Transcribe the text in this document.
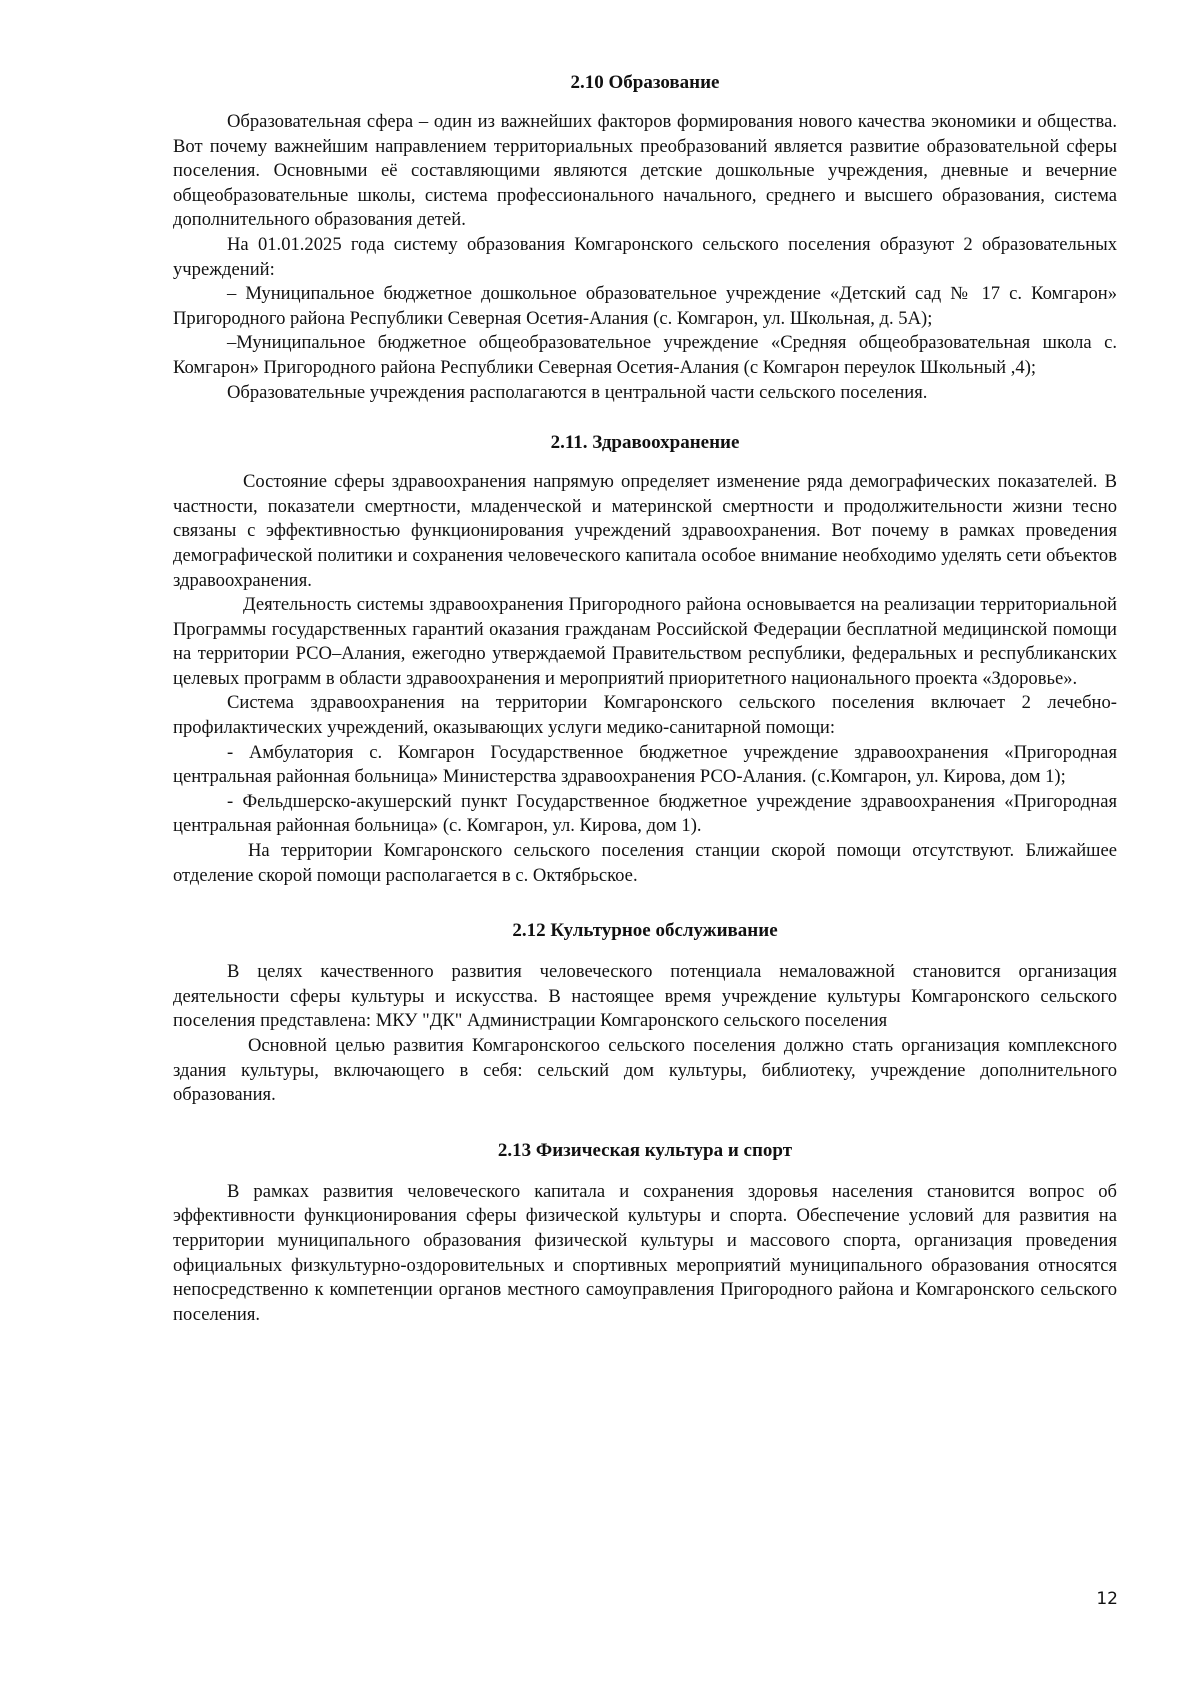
2.10 Образование

Образовательная сфера – один из важнейших факторов формирования нового качества экономики и общества. Вот почему важнейшим направлением территориальных преобразований является развитие образовательной сферы поселения. Основными её составляющими являются детские дошкольные учреждения, дневные и вечерние общеобразовательные школы, система профессионального начального, среднего и высшего образования, система дополнительного образования детей.

На 01.01.2025 года систему образования Комгаронского сельского поселения образуют 2 образовательных учреждений:

– Муниципальное бюджетное дошкольное образовательное учреждение «Детский сад № 17 с. Комгарон» Пригородного района Республики Северная Осетия-Алания (с. Комгарон, ул. Школьная, д. 5А);

–Муниципальное бюджетное общеобразовательное учреждение «Средняя общеобразовательная школа с. Комгарон» Пригородного района Республики Северная Осетия-Алания (с Комгарон переулок Школьный ,4);

Образовательные учреждения располагаются в центральной части сельского поселения.

2.11. Здравоохранение

Состояние сферы здравоохранения напрямую определяет изменение ряда демографических показателей. В частности, показатели смертности, младенческой и материнской смертности и продолжительности жизни тесно связаны с эффективностью функционирования учреждений здравоохранения. Вот почему в рамках проведения демографической политики и сохранения человеческого капитала особое внимание необходимо уделять сети объектов здравоохранения.

Деятельность системы здравоохранения Пригородного района основывается на реализации территориальной Программы государственных гарантий оказания гражданам Российской Федерации бесплатной медицинской помощи на территории РСО–Алания, ежегодно утверждаемой Правительством республики, федеральных и республиканских целевых программ в области здравоохранения и мероприятий приоритетного национального проекта «Здоровье».

Система здравоохранения на территории Комгаронского сельского поселения включает 2 лечебно-профилактических учреждений, оказывающих услуги медико-санитарной помощи:

- Амбулатория с. Комгарон Государственное бюджетное учреждение здравоохранения «Пригородная центральная районная больница» Министерства здравоохранения РСО-Алания. (с.Комгарон, ул. Кирова, дом 1);

- Фельдшерско-акушерский пункт Государственное бюджетное учреждение здравоохранения «Пригородная центральная районная больница» (с. Комгарон, ул. Кирова, дом 1).

На территории Комгаронского сельского поселения станции скорой помощи отсутствуют. Ближайшее отделение скорой помощи располагается в с. Октябрьское.

2.12 Культурное обслуживание

В целях качественного развития человеческого потенциала немаловажной становится организация деятельности сферы культуры и искусства. В настоящее время учреждение культуры Комгаронского сельского поселения представлена: МКУ "ДК" Администрации Комгаронского сельского поселения

Основной целью развития Комгаронскогоо сельского поселения должно стать организация комплексного здания культуры, включающего в себя: сельский дом культуры, библиотеку, учреждение дополнительного образования.

2.13 Физическая культура и спорт

В рамках развития человеческого капитала и сохранения здоровья населения становится вопрос об эффективности функционирования сферы физической культуры и спорта. Обеспечение условий для развития на территории муниципального образования физической культуры и массового спорта, организация проведения официальных физкультурно-оздоровительных и спортивных мероприятий муниципального образования относятся непосредственно к компетенции органов местного самоуправления Пригородного района и Комгаронского сельского поселения.

12
